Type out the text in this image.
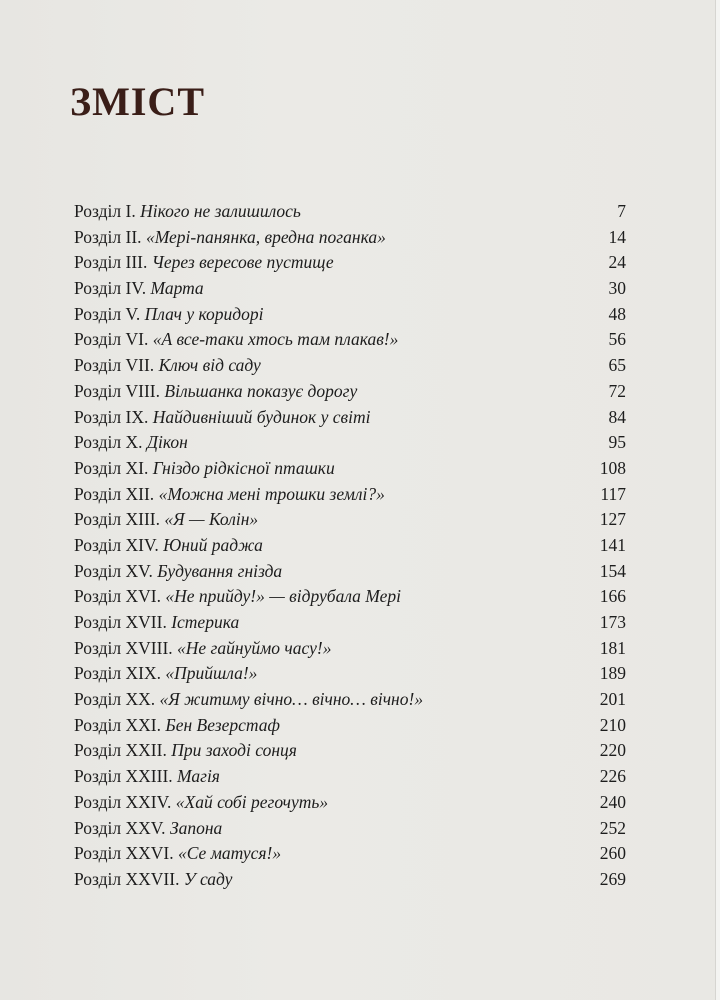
ЗМІСТ
Розділ I. Нікого не залишилось	7
Розділ II. «Мері-панянка, вредна поганка»	14
Розділ III. Через вересове пустище	24
Розділ IV. Марта	30
Розділ V. Плач у коридорі	48
Розділ VI. «А все-таки хтось там плакав!»	56
Розділ VII. Ключ від саду	65
Розділ VIII. Вільшанка показує дорогу	72
Розділ IX. Найдивніший будинок у світі	84
Розділ X. Дікон	95
Розділ XI. Гніздо рідкісної пташки	108
Розділ XII. «Можна мені трошки землі?»	117
Розділ XIII. «Я — Колін»	127
Розділ XIV. Юний раджа	141
Розділ XV. Будування гнізда	154
Розділ XVI. «Не прийду!» — відрубала Мері	166
Розділ XVII. Істерика	173
Розділ XVIII. «Не гайнуймо часу!»	181
Розділ XIX. «Прийшла!»	189
Розділ XX. «Я житиму вічно… вічно… вічно!»	201
Розділ XXI. Бен Везерстаф	210
Розділ XXII. При заході сонця	220
Розділ XXIII. Магія	226
Розділ XXIV. «Хай собі регочуть»	240
Розділ XXV. Запона	252
Розділ XXVI. «Се матуся!»	260
Розділ XXVII. У саду	269
